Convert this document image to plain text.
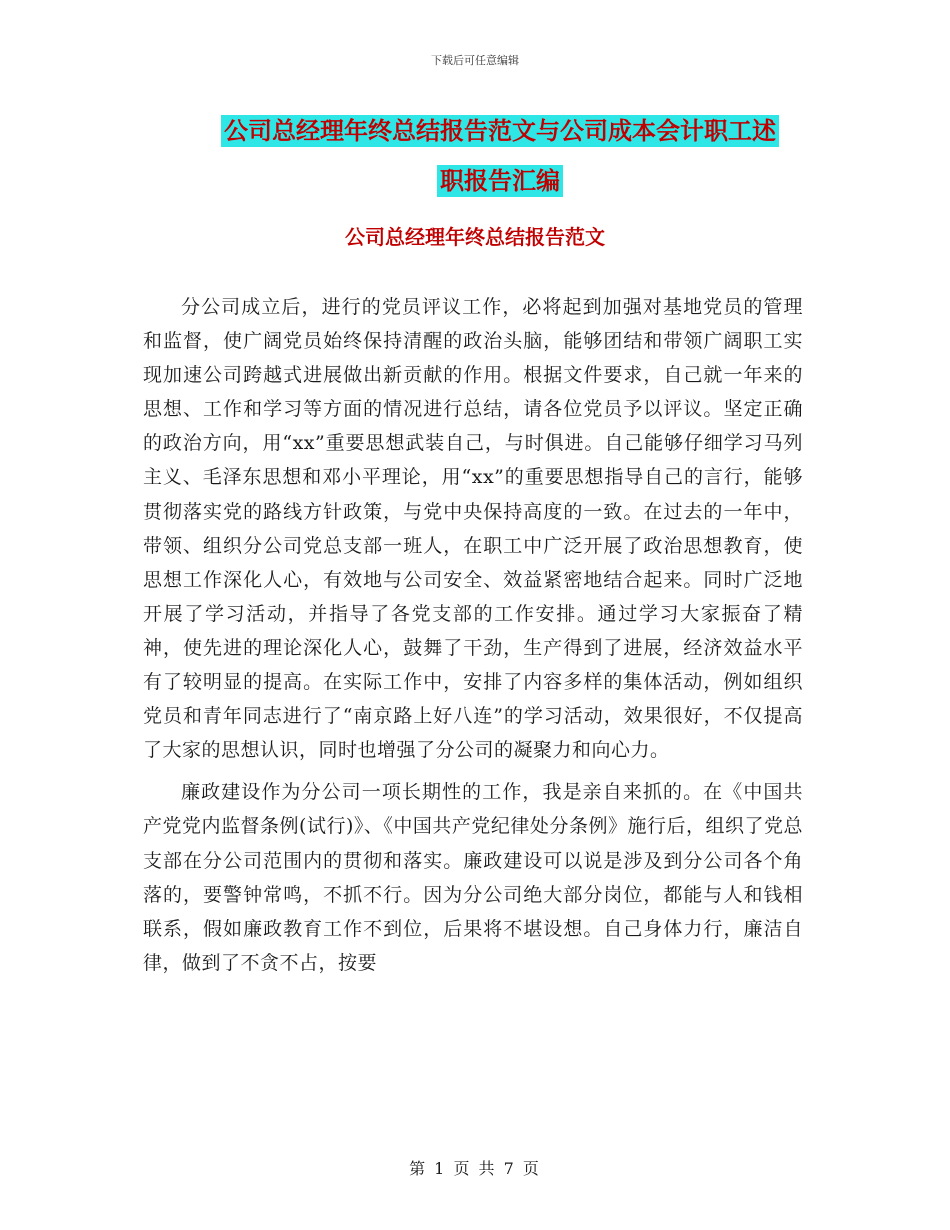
下载后可任意编辑
公司总经理年终总结报告范文与公司成本会计职工述
职报告汇编
公司总经理年终总结报告范文

分公司成立后，进行的党员评议工作，必将起到加强对基地党员的管理和监督，使广阔党员始终保持清醒的政治头脑，能够团结和带领广阔职工实现加速公司跨越式进展做出新贡献的作用。根据文件要求，自己就一年来的思想、工作和学习等方面的情况进行总结，请各位党员予以评议。坚定正确的政治方向，用“xx”重要思想武装自己，与时俱进。自己能够仔细学习马列主义、毛泽东思想和邓小平理论，用“xx”的重要思想指导自己的言行，能够贯彻落实党的路线方针政策，与党中央保持高度的一致。在过去的一年中，带领、组织分公司党总支部一班人，在职工中广泛开展了政治思想教育，使思想工作深化人心，有效地与公司安全、效益紧密地结合起来。同时广泛地开展了学习活动，并指导了各党支部的工作安排。通过学习大家振奋了精神，使先进的理论深化人心，鼓舞了干劲，生产得到了进展，经济效益水平有了较明显的提高。在实际工作中，安排了内容多样的集体活动，例如组织党员和青年同志进行了“南京路上好八连”的学习活动，效果很好，不仅提高了大家的思想认识，同时也增强了分公司的凝聚力和向心力。

廉政建设作为分公司一项长期性的工作，我是亲自来抓的。在《中国共产党党内监督条例(试行)》、《中国共产党纪律处分条例》施行后，组织了党总支部在分公司范围内的贯彻和落实。廉政建设可以说是涉及到分公司各个角落的，要警钟常鸣，不抓不行。因为分公司绝大部分岗位，都能与人和钱相联系，假如廉政教育工作不到位，后果将不堪设想。自己身体力行，廉洁自律，做到了不贪不占，按要

第 1 页 共 7 页
